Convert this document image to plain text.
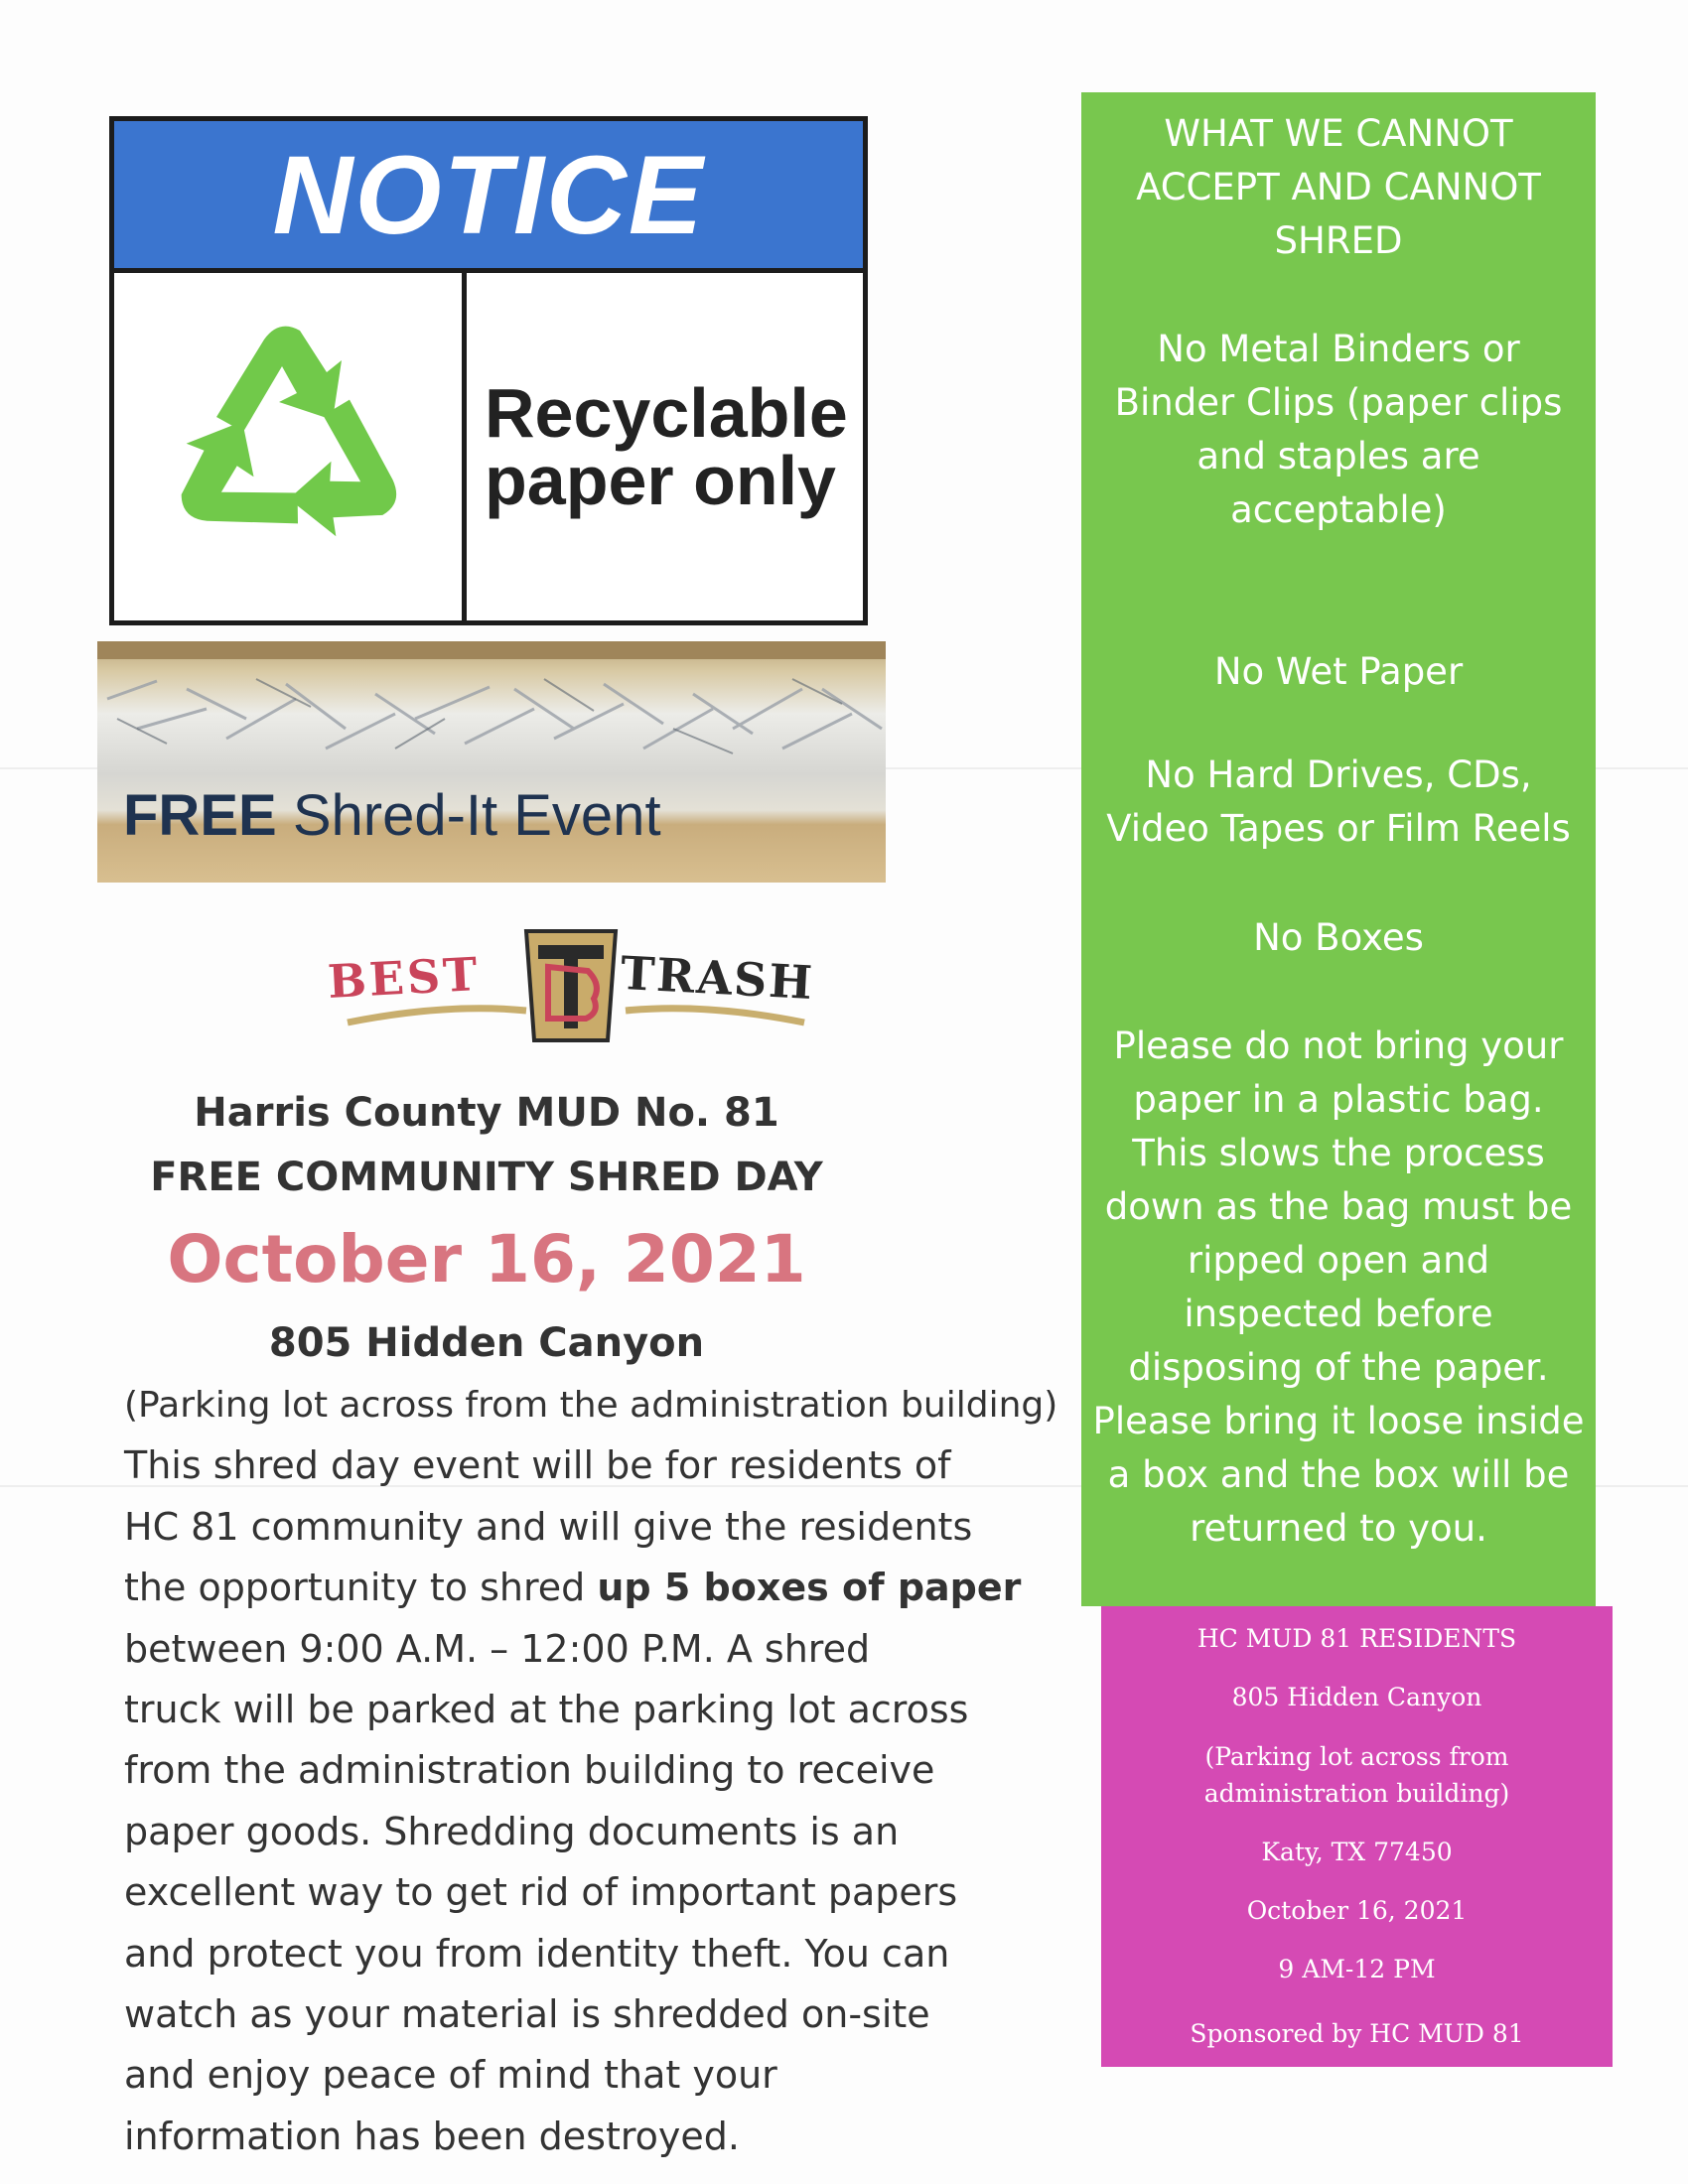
NOTICE
Recyclable
paper only
FREE Shred-It Event
BEST	TRASH
Harris County MUD No. 81
FREE COMMUNITY SHRED DAY
October 16, 2021
805 Hidden Canyon
(Parking lot across from the administration building)
This shred day event will be for residents of
HC 81 community and will give the residents
the opportunity to shred up 5 boxes of paper
between 9:00 A.M. – 12:00 P.M. A shred
truck will be parked at the parking lot across
from the administration building to receive
paper goods. Shredding documents is an
excellent way to get rid of important papers
and protect you from identity theft. You can
watch as your material is shredded on-site
and enjoy peace of mind that your
information has been destroyed.
WHAT WE CANNOT
ACCEPT AND CANNOT
SHRED
No Metal Binders or
Binder Clips (paper clips
and staples are
acceptable)
No Wet Paper
No Hard Drives, CDs,
Video Tapes or Film Reels
No Boxes
Please do not bring your
paper in a plastic bag.
This slows the process
down as the bag must be
ripped open and
inspected before
disposing of the paper.
Please bring it loose inside
a box and the box will be
returned to you.
HC MUD 81 RESIDENTS
805 Hidden Canyon
(Parking lot across from
administration building)
Katy, TX 77450
October 16, 2021
9 AM-12 PM
Sponsored by HC MUD 81
